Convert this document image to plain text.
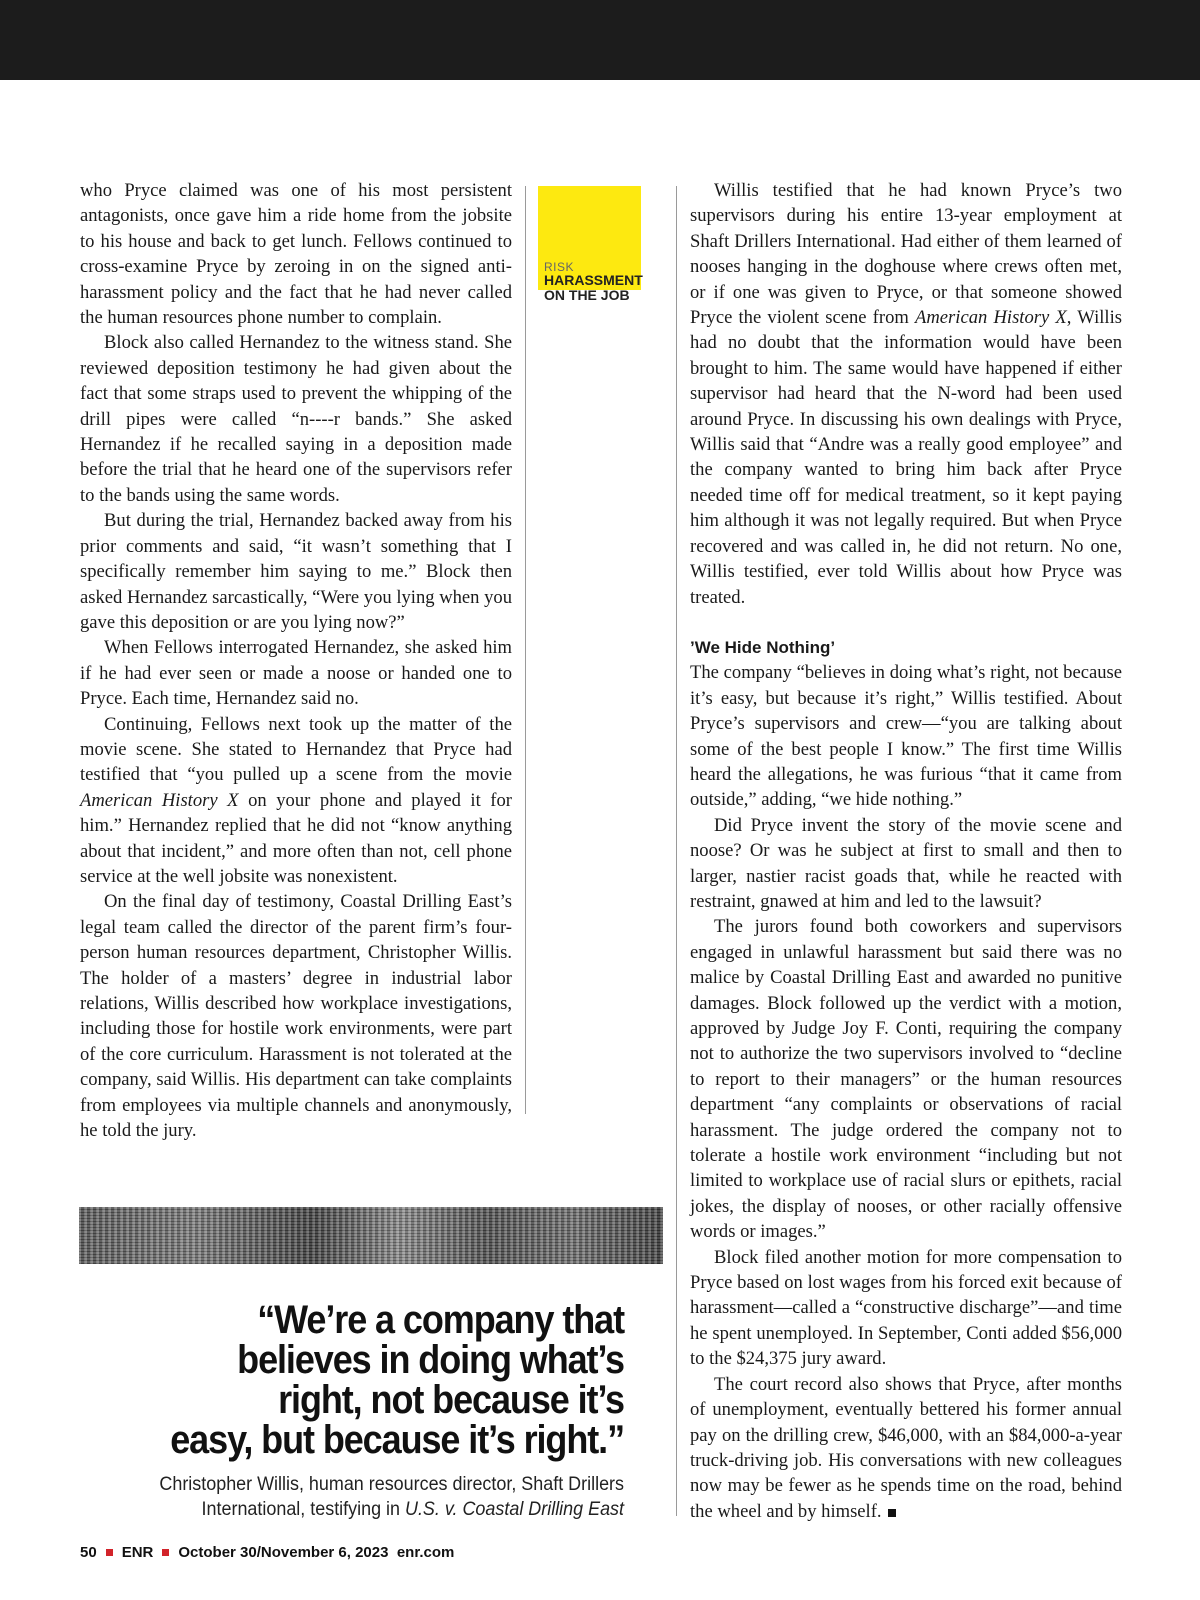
who Pryce claimed was one of his most persistent antagonists, once gave him a ride home from the jobsite to his house and back to get lunch. Fellows continued to cross-examine Pryce by zeroing in on the signed anti-harassment policy and the fact that he had never called the human resources phone number to complain.

Block also called Hernandez to the witness stand. She reviewed deposition testimony he had given about the fact that some straps used to prevent the whipping of the drill pipes were called “n----r bands.” She asked Hernandez if he recalled saying in a deposition made before the trial that he heard one of the supervisors refer to the bands using the same words.

But during the trial, Hernandez backed away from his prior comments and said, “it wasn’t something that I specifically remember him saying to me.” Block then asked Hernandez sarcastically, “Were you lying when you gave this deposition or are you lying now?”

When Fellows interrogated Hernandez, she asked him if he had ever seen or made a noose or handed one to Pryce. Each time, Hernandez said no.

Continuing, Fellows next took up the matter of the movie scene. She stated to Hernandez that Pryce had testified that “you pulled up a scene from the movie American History X on your phone and played it for him.” Hernandez replied that he did not “know anything about that incident,” and more often than not, cell phone service at the well jobsite was nonexistent.

On the final day of testimony, Coastal Drilling East’s legal team called the director of the parent firm’s four-person human resources department, Christopher Willis. The holder of a masters’ degree in industrial labor relations, Willis described how workplace investigations, including those for hostile work environments, were part of the core curriculum. Harassment is not tolerated at the company, said Willis. His department can take complaints from employees via multiple channels and anonymously, he told the jury.

RISK
HARASSMENT
ON THE JOB

Willis testified that he had known Pryce’s two supervisors during his entire 13-year employment at Shaft Drillers International. Had either of them learned of nooses hanging in the doghouse where crews often met, or if one was given to Pryce, or that someone showed Pryce the violent scene from American History X, Willis had no doubt that the information would have been brought to him. The same would have happened if either supervisor had heard that the N-word had been used around Pryce. In discussing his own dealings with Pryce, Willis said that “Andre was a really good employee” and the company wanted to bring him back after Pryce needed time off for medical treatment, so it kept paying him although it was not legally required. But when Pryce recovered and was called in, he did not return. No one, Willis testified, ever told Willis about how Pryce was treated.

’We Hide Nothing’

The company “believes in doing what’s right, not because it’s easy, but because it’s right,” Willis testified. About Pryce’s supervisors and crew—“you are talking about some of the best people I know.” The first time Willis heard the allegations, he was furious “that it came from outside,” adding, “we hide nothing.”

Did Pryce invent the story of the movie scene and noose? Or was he subject at first to small and then to larger, nastier racist goads that, while he reacted with restraint, gnawed at him and led to the lawsuit?

The jurors found both coworkers and supervisors engaged in unlawful harassment but said there was no malice by Coastal Drilling East and awarded no punitive damages. Block followed up the verdict with a motion, approved by Judge Joy F. Conti, requiring the company not to authorize the two supervisors involved to “decline to report to their managers” or the human resources department “any complaints or observations of racial harassment. The judge ordered the company not to tolerate a hostile work environment “including but not limited to workplace use of racial slurs or epithets, racial jokes, the display of nooses, or other racially offensive words or images.”

Block filed another motion for more compensation to Pryce based on lost wages from his forced exit because of harassment—called a “constructive discharge”—and time he spent unemployed. In September, Conti added $56,000 to the $24,375 jury award.

The court record also shows that Pryce, after months of unemployment, eventually bettered his former annual pay on the drilling crew, $46,000, with an $84,000-a-year truck-driving job. His conversations with new colleagues now may be fewer as he spends time on the road, behind the wheel and by himself.

“We’re a company that
believes in doing what’s
right, not because it’s
easy, but because it’s right.”
Christopher Willis, human resources director, Shaft Drillers
International, testifying in U.S. v. Coastal Drilling East
50 ENR October 30/November 6, 2023 enr.com
